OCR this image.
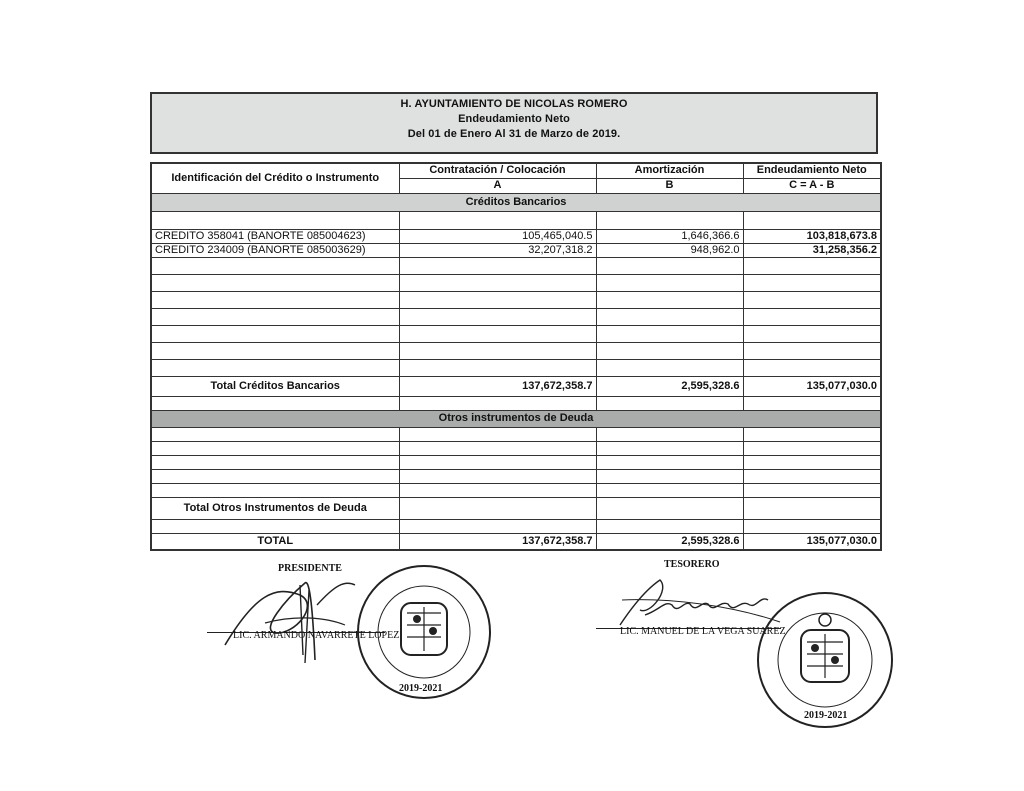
H. AYUNTAMIENTO DE NICOLAS ROMERO
Endeudamiento Neto
Del 01 de Enero Al 31 de Marzo de 2019.
Identificación del Crédito o Instrumento	Contratación / Colocación	Amortización	Endeudamiento Neto
	A	B	C = A - B
Créditos Bancarios			

CREDITO 358041 (BANORTE 085004623)	105,465,040.5	1,646,366.6	103,818,673.8
CREDITO 234009 (BANORTE 085003629)	32,207,318.2	948,962.0	31,258,356.2

Total Créditos Bancarios	137,672,358.7	2,595,328.6	135,077,030.0

Otros instrumentos de Deuda			

Total Otros Instrumentos de Deuda			

TOTAL	137,672,358.7	2,595,328.6	135,077,030.0
PRESIDENTE
LIC. ARMANDO NAVARRETE LOPEZ
2019-2021
TESORERO
LIC. MANUEL DE LA VEGA SUAREZ
2019-2021
